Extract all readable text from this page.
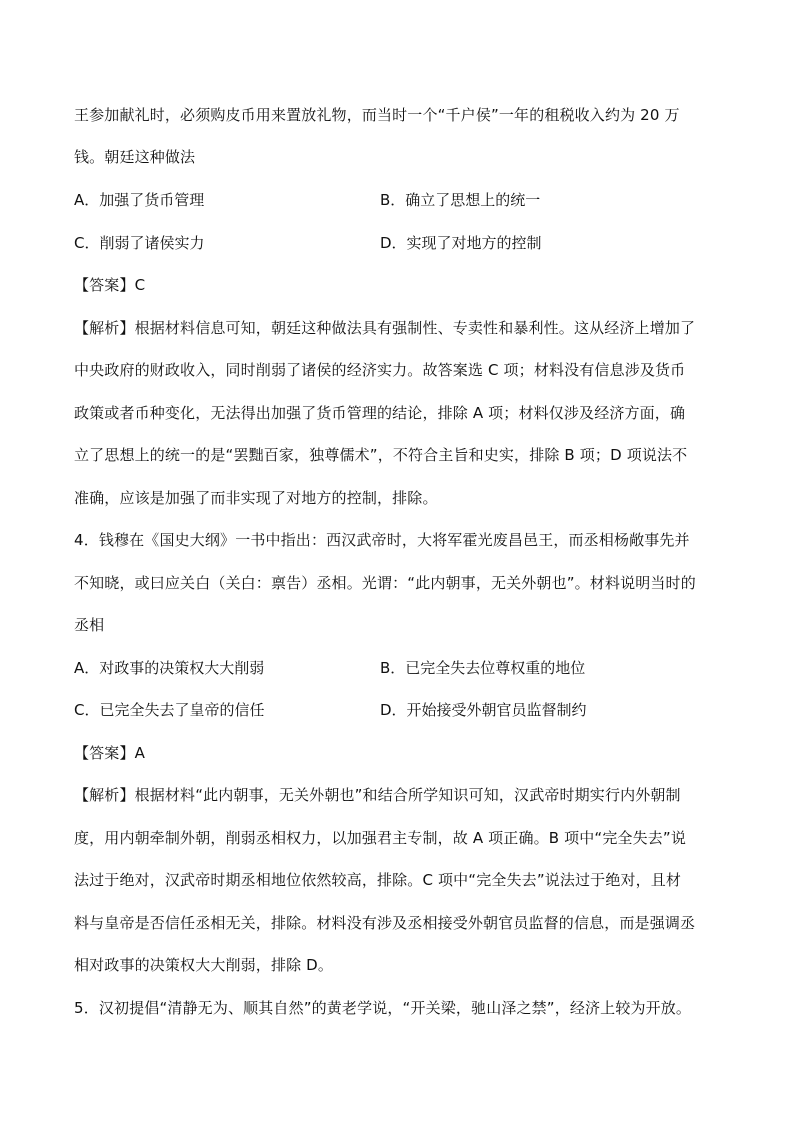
王参加献礼时，必须购皮币用来置放礼物，而当时一个“千户侯”一年的租税收入约为 20 万
钱。朝廷这种做法
A．加强了货币管理	B．确立了思想上的统一
C．削弱了诸侯实力	D．实现了对地方的控制
【答案】C
【解析】根据材料信息可知，朝廷这种做法具有强制性、专卖性和暴利性。这从经济上增加了
中央政府的财政收入，同时削弱了诸侯的经济实力。故答案选 C 项；材料没有信息涉及货币
政策或者币种变化，无法得出加强了货币管理的结论，排除 A 项；材料仅涉及经济方面，确
立了思想上的统一的是“罢黜百家，独尊儒术”，不符合主旨和史实，排除 B 项；D 项说法不
准确，应该是加强了而非实现了对地方的控制，排除。
4．钱穆在《国史大纲》一书中指出：西汉武帝时，大将军霍光废昌邑王，而丞相杨敞事先并
不知晓，或曰应关白（关白：禀告）丞相。光谓：“此内朝事，无关外朝也”。材料说明当时的
丞相
A．对政事的决策权大大削弱	B．已完全失去位尊权重的地位
C．已完全失去了皇帝的信任	D．开始接受外朝官员监督制约
【答案】A
【解析】根据材料“此内朝事，无关外朝也”和结合所学知识可知，汉武帝时期实行内外朝制
度，用内朝牵制外朝，削弱丞相权力，以加强君主专制，故 A 项正确。B 项中“完全失去”说
法过于绝对，汉武帝时期丞相地位依然较高，排除。C 项中“完全失去”说法过于绝对，且材
料与皇帝是否信任丞相无关，排除。材料没有涉及丞相接受外朝官员监督的信息，而是强调丞
相对政事的决策权大大削弱，排除 D。
5．汉初提倡“清静无为、顺其自然”的黄老学说，“开关梁，驰山泽之禁”，经济上较为开放。
